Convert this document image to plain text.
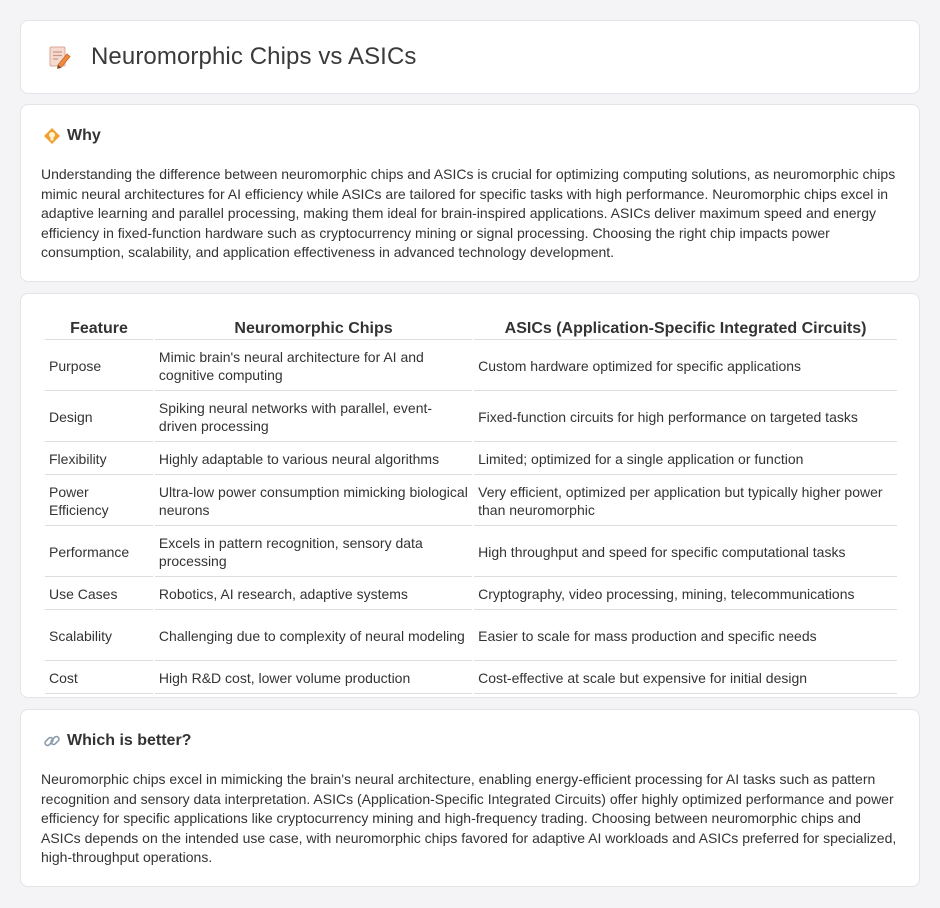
Neuromorphic Chips vs ASICs
Why

Understanding the difference between neuromorphic chips and ASICs is crucial for optimizing computing solutions, as neuromorphic chips mimic neural architectures for AI efficiency while ASICs are tailored for specific tasks with high performance. Neuromorphic chips excel in adaptive learning and parallel processing, making them ideal for brain-inspired applications. ASICs deliver maximum speed and energy efficiency in fixed-function hardware such as cryptocurrency mining or signal processing. Choosing the right chip impacts power consumption, scalability, and application effectiveness in advanced technology development.

Feature	Neuromorphic Chips	ASICs (Application-Specific Integrated Circuits)
Purpose	Mimic brain's neural architecture for AI and cognitive computing	Custom hardware optimized for specific applications
Design	Spiking neural networks with parallel, event-driven processing	Fixed-function circuits for high performance on targeted tasks
Flexibility	Highly adaptable to various neural algorithms	Limited; optimized for a single application or function
Power Efficiency	Ultra-low power consumption mimicking biological neurons	Very efficient, optimized per application but typically higher power than neuromorphic
Performance	Excels in pattern recognition, sensory data processing	High throughput and speed for specific computational tasks
Use Cases	Robotics, AI research, adaptive systems	Cryptography, video processing, mining, telecommunications
Scalability	Challenging due to complexity of neural modeling	Easier to scale for mass production and specific needs
Cost	High R&D cost, lower volume production	Cost-effective at scale but expensive for initial design
Which is better?

Neuromorphic chips excel in mimicking the brain's neural architecture, enabling energy-efficient processing for AI tasks such as pattern recognition and sensory data interpretation. ASICs (Application-Specific Integrated Circuits) offer highly optimized performance and power efficiency for specific applications like cryptocurrency mining and high-frequency trading. Choosing between neuromorphic chips and ASICs depends on the intended use case, with neuromorphic chips favored for adaptive AI workloads and ASICs preferred for specialized, high-throughput operations.
